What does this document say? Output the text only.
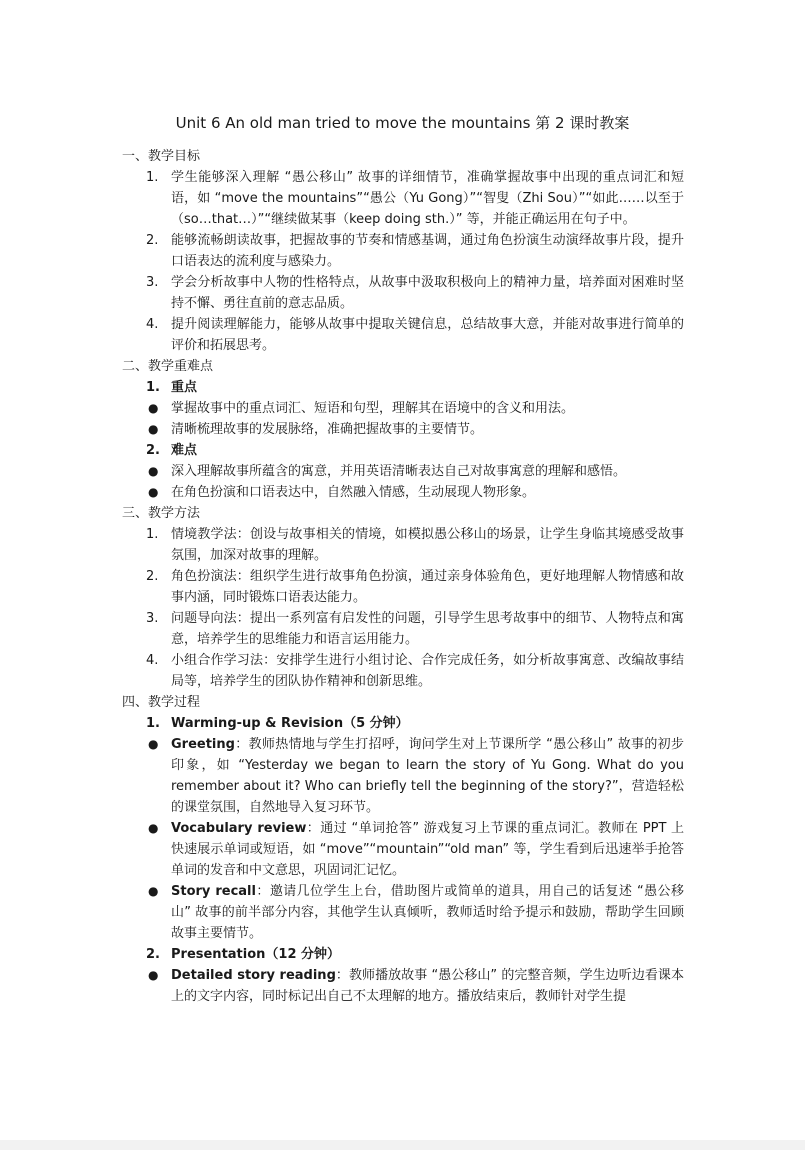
Unit 6 An old man tried to move the mountains 第 2 课时教案
一、教学目标
1. 学生能够深入理解 “愚公移山” 故事的详细情节，准确掌握故事中出现的重点词汇和短语，如 “move the mountains”“愚公（Yu Gong）”“智叟（Zhi Sou）”“如此……以至于（so…that…）”“继续做某事（keep doing sth.）” 等，并能正确运用在句子中。
2. 能够流畅朗读故事，把握故事的节奏和情感基调，通过角色扮演生动演绎故事片段，提升口语表达的流利度与感染力。
3. 学会分析故事中人物的性格特点，从故事中汲取积极向上的精神力量，培养面对困难时坚持不懈、勇往直前的意志品质。
4. 提升阅读理解能力，能够从故事中提取关键信息，总结故事大意，并能对故事进行简单的评价和拓展思考。
二、教学重难点
1. 重点
● 掌握故事中的重点词汇、短语和句型，理解其在语境中的含义和用法。
● 清晰梳理故事的发展脉络，准确把握故事的主要情节。
2. 难点
● 深入理解故事所蕴含的寓意，并用英语清晰表达自己对故事寓意的理解和感悟。
● 在角色扮演和口语表达中，自然融入情感，生动展现人物形象。
三、教学方法
1. 情境教学法：创设与故事相关的情境，如模拟愚公移山的场景，让学生身临其境感受故事氛围，加深对故事的理解。
2. 角色扮演法：组织学生进行故事角色扮演，通过亲身体验角色，更好地理解人物情感和故事内涵，同时锻炼口语表达能力。
3. 问题导向法：提出一系列富有启发性的问题，引导学生思考故事中的细节、人物特点和寓意，培养学生的思维能力和语言运用能力。
4. 小组合作学习法：安排学生进行小组讨论、合作完成任务，如分析故事寓意、改编故事结局等，培养学生的团队协作精神和创新思维。
四、教学过程
1. Warming-up & Revision（5 分钟）
● Greeting：教师热情地与学生打招呼，询问学生对上节课所学 “愚公移山” 故事的初步印象，如 “Yesterday we began to learn the story of Yu Gong. What do you remember about it? Who can briefly tell the beginning of the story?”，营造轻松的课堂氛围，自然地导入复习环节。
● Vocabulary review：通过 “单词抢答” 游戏复习上节课的重点词汇。教师在 PPT 上快速展示单词或短语，如 “move”“mountain”“old man” 等，学生看到后迅速举手抢答单词的发音和中文意思，巩固词汇记忆。
● Story recall：邀请几位学生上台，借助图片或简单的道具，用自己的话复述 “愚公移山” 故事的前半部分内容，其他学生认真倾听，教师适时给予提示和鼓励，帮助学生回顾故事主要情节。
2. Presentation（12 分钟）
● Detailed story reading：教师播放故事 “愚公移山” 的完整音频，学生边听边看课本上的文字内容，同时标记出自己不太理解的地方。播放结束后，教师针对学生提
